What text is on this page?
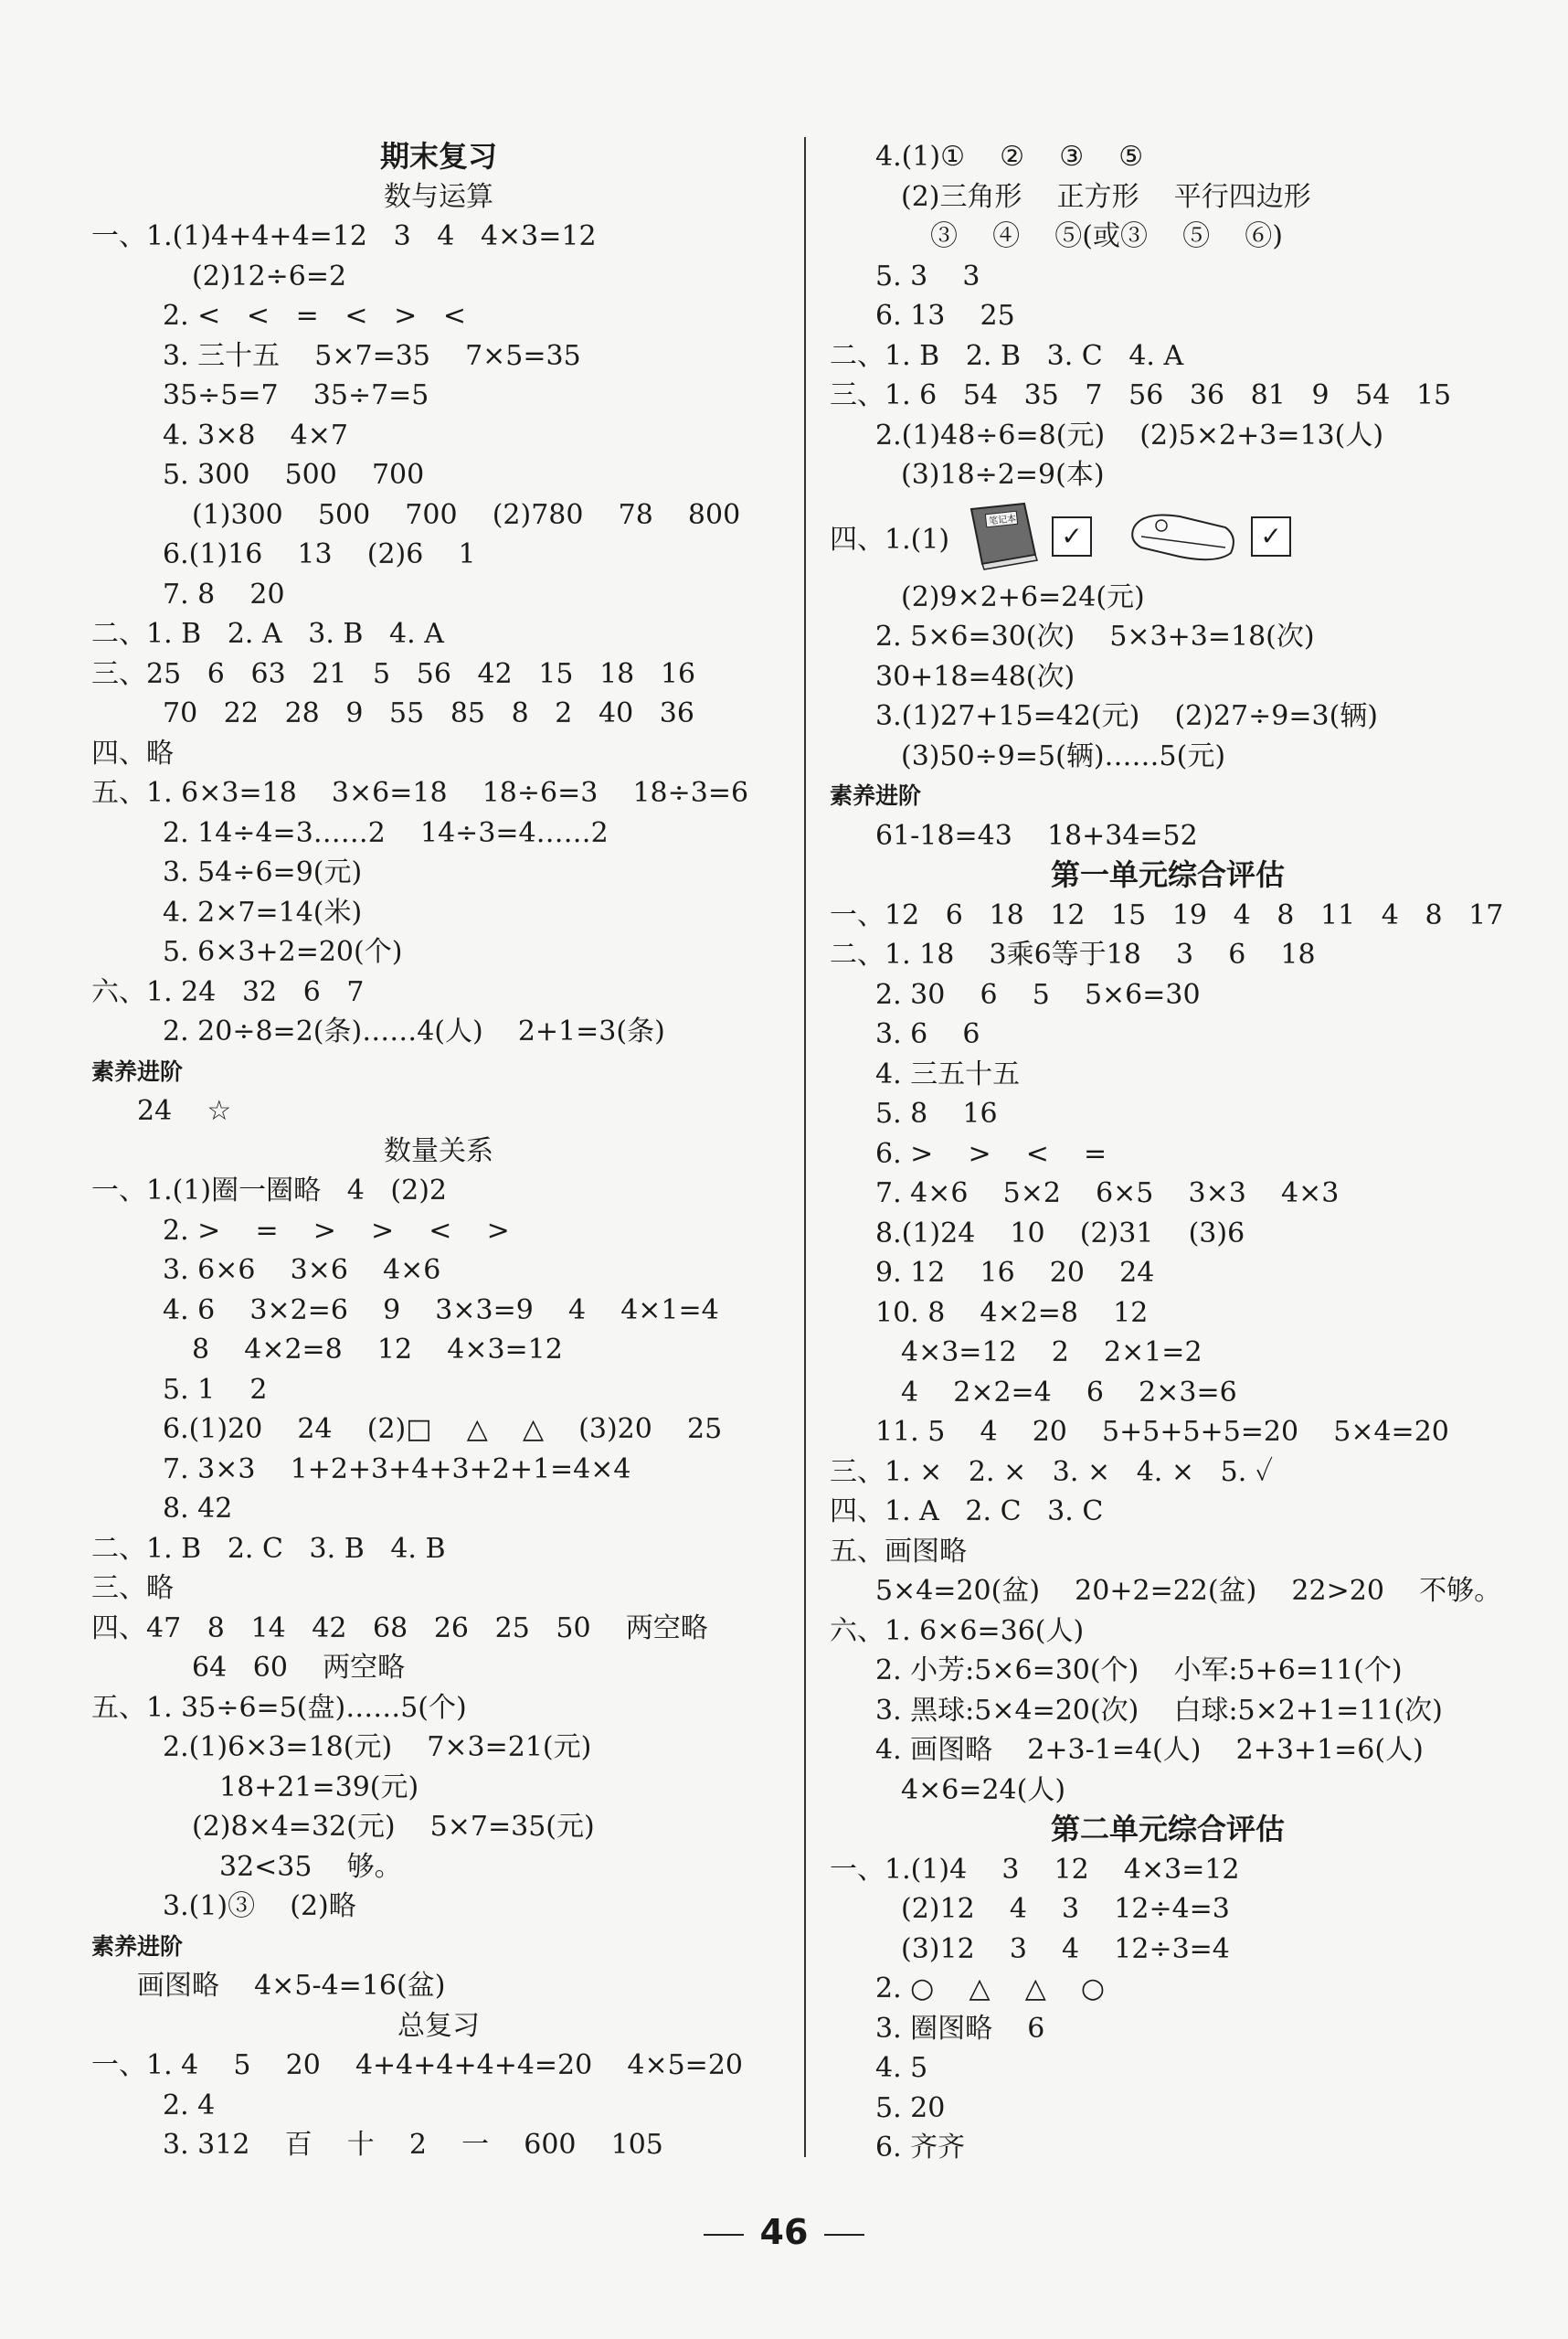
期末复习
数与运算
一、1.(1)4+4+4=12   3   4   4×3=12
(2)12÷6=2
2. <   <   =   <   >   <
3. 三十五    5×7=35    7×5=35
35÷5=7    35÷7=5
4. 3×8    4×7
5. 300    500    700
(1)300    500    700    (2)780    78    800
6.(1)16    13    (2)6    1
7. 8    20
二、1. B   2. A   3. B   4. A
三、25   6   63   21   5   56   42   15   18   16
70   22   28   9   55   85   8   2   40   36
四、略
五、1. 6×3=18    3×6=18    18÷6=3    18÷3=6
2. 14÷4=3……2    14÷3=4……2
3. 54÷6=9(元)
4. 2×7=14(米)
5. 6×3+2=20(个)
六、1. 24   32   6   7
2. 20÷8=2(条)……4(人)    2+1=3(条)
素养进阶
24    ☆
数量关系
一、1.(1)圈一圈略   4   (2)2
2. >    =    >    >    <    >
3. 6×6    3×6    4×6
4. 6    3×2=6    9    3×3=9    4    4×1=4
8    4×2=8    12    4×3=12
5. 1    2
6.(1)20    24    (2)□    △    △    (3)20    25
7. 3×3    1+2+3+4+3+2+1=4×4
8. 42
二、1. B   2. C   3. B   4. B
三、略
四、47   8   14   42   68   26   25   50    两空略
64   60    两空略
五、1. 35÷6=5(盘)……5(个)
2.(1)6×3=18(元)    7×3=21(元)
18+21=39(元)
(2)8×4=32(元)    5×7=35(元)
32<35    够。
3.(1)③    (2)略
素养进阶
画图略    4×5-4=16(盆)
总复习
一、1. 4    5    20    4+4+4+4+4=20    4×5=20
2. 4
3. 312    百    十    2    一    600    105
4.(1)①    ②    ③    ⑤
(2)三角形    正方形    平行四边形
③    ④    ⑤(或③    ⑤    ⑥)
5. 3    3
6. 13    25
二、1. B   2. B   3. C   4. A
三、1. 6   54   35   7   56   36   81   9   54   15
2.(1)48÷6=8(元)    (2)5×2+3=13(人)
(3)18÷2=9(本)
四、1.(1)
笔记本
✓	✓
(2)9×2+6=24(元)
2. 5×6=30(次)    5×3+3=18(次)
30+18=48(次)
3.(1)27+15=42(元)    (2)27÷9=3(辆)
(3)50÷9=5(辆)……5(元)
素养进阶
61-18=43    18+34=52
第一单元综合评估
一、12   6   18   12   15   19   4   8   11   4   8   17
二、1. 18    3乘6等于18    3    6    18
2. 30    6    5    5×6=30
3. 6    6
4. 三五十五
5. 8    16
6. >    >    <    =
7. 4×6    5×2    6×5    3×3    4×3
8.(1)24    10    (2)31    (3)6
9. 12    16    20    24
10. 8    4×2=8    12
4×3=12    2    2×1=2
4    2×2=4    6    2×3=6
11. 5    4    20    5+5+5+5=20    5×4=20
三、1. ×   2. ×   3. ×   4. ×   5. ✓
四、1. A   2. C   3. C
五、画图略
5×4=20(盆)    20+2=22(盆)    22>20    不够。
六、1. 6×6=36(人)
2. 小芳:5×6=30(个)    小军:5+6=11(个)
3. 黑球:5×4=20(次)    白球:5×2+1=11(次)
4. 画图略    2+3-1=4(人)    2+3+1=6(人)
4×6=24(人)
第二单元综合评估
一、1.(1)4    3    12    4×3=12
(2)12    4    3    12÷4=3
(3)12    3    4    12÷3=4
2. ○    △    △    ○
3. 圈图略    6
4. 5
5. 20
6. 齐齐
46
